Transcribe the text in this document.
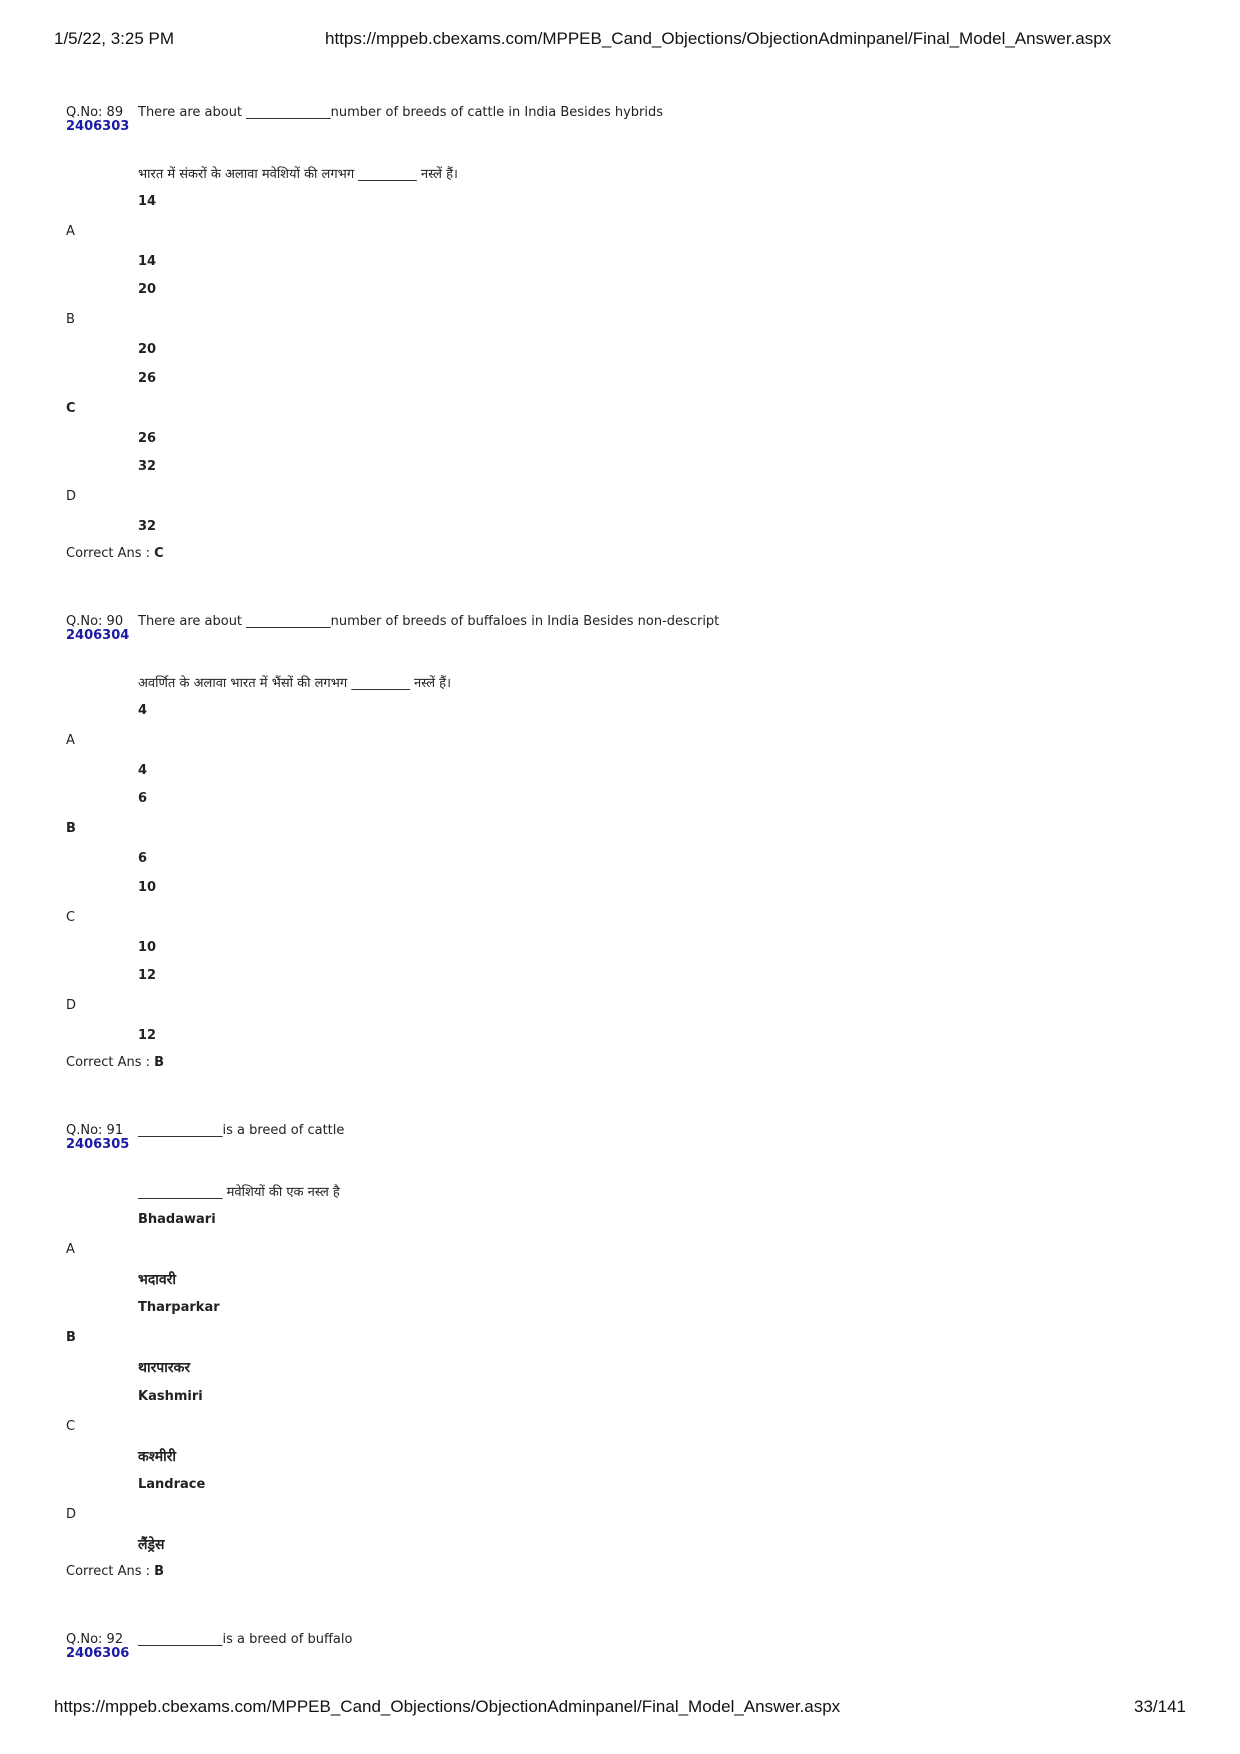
1/5/22, 3:25 PM	https://mppeb.cbexams.com/MPPEB_Cand_Objections/ObjectionAdminpanel/Final_Model_Answer.aspx
Q.No: 89
2406303
There are about _____________number of breeds of cattle in India Besides hybrids
भारत में संकरों के अलावा मवेशियों की लगभग _________ नस्लें हैं।
14
A
14
20
B
20
26
C
26
32
D
32
Correct Ans : C
Q.No: 90
2406304
There are about _____________number of breeds of buffaloes in India Besides non-descript
अवर्णित के अलावा भारत में भैंसों की लगभग _________ नस्लें हैं।
4
A
4
6
B
6
10
C
10
12
D
12
Correct Ans : B
Q.No: 91
2406305
_____________is a breed of cattle
_____________ मवेशियों की एक नस्ल है
Bhadawari
A
भदावरी
Tharparkar
B
थारपारकर
Kashmiri
C
कश्मीरी
Landrace
D
लैंड्रेस
Correct Ans : B
Q.No: 92
2406306
_____________is a breed of buffalo
https://mppeb.cbexams.com/MPPEB_Cand_Objections/ObjectionAdminpanel/Final_Model_Answer.aspx	33/141
